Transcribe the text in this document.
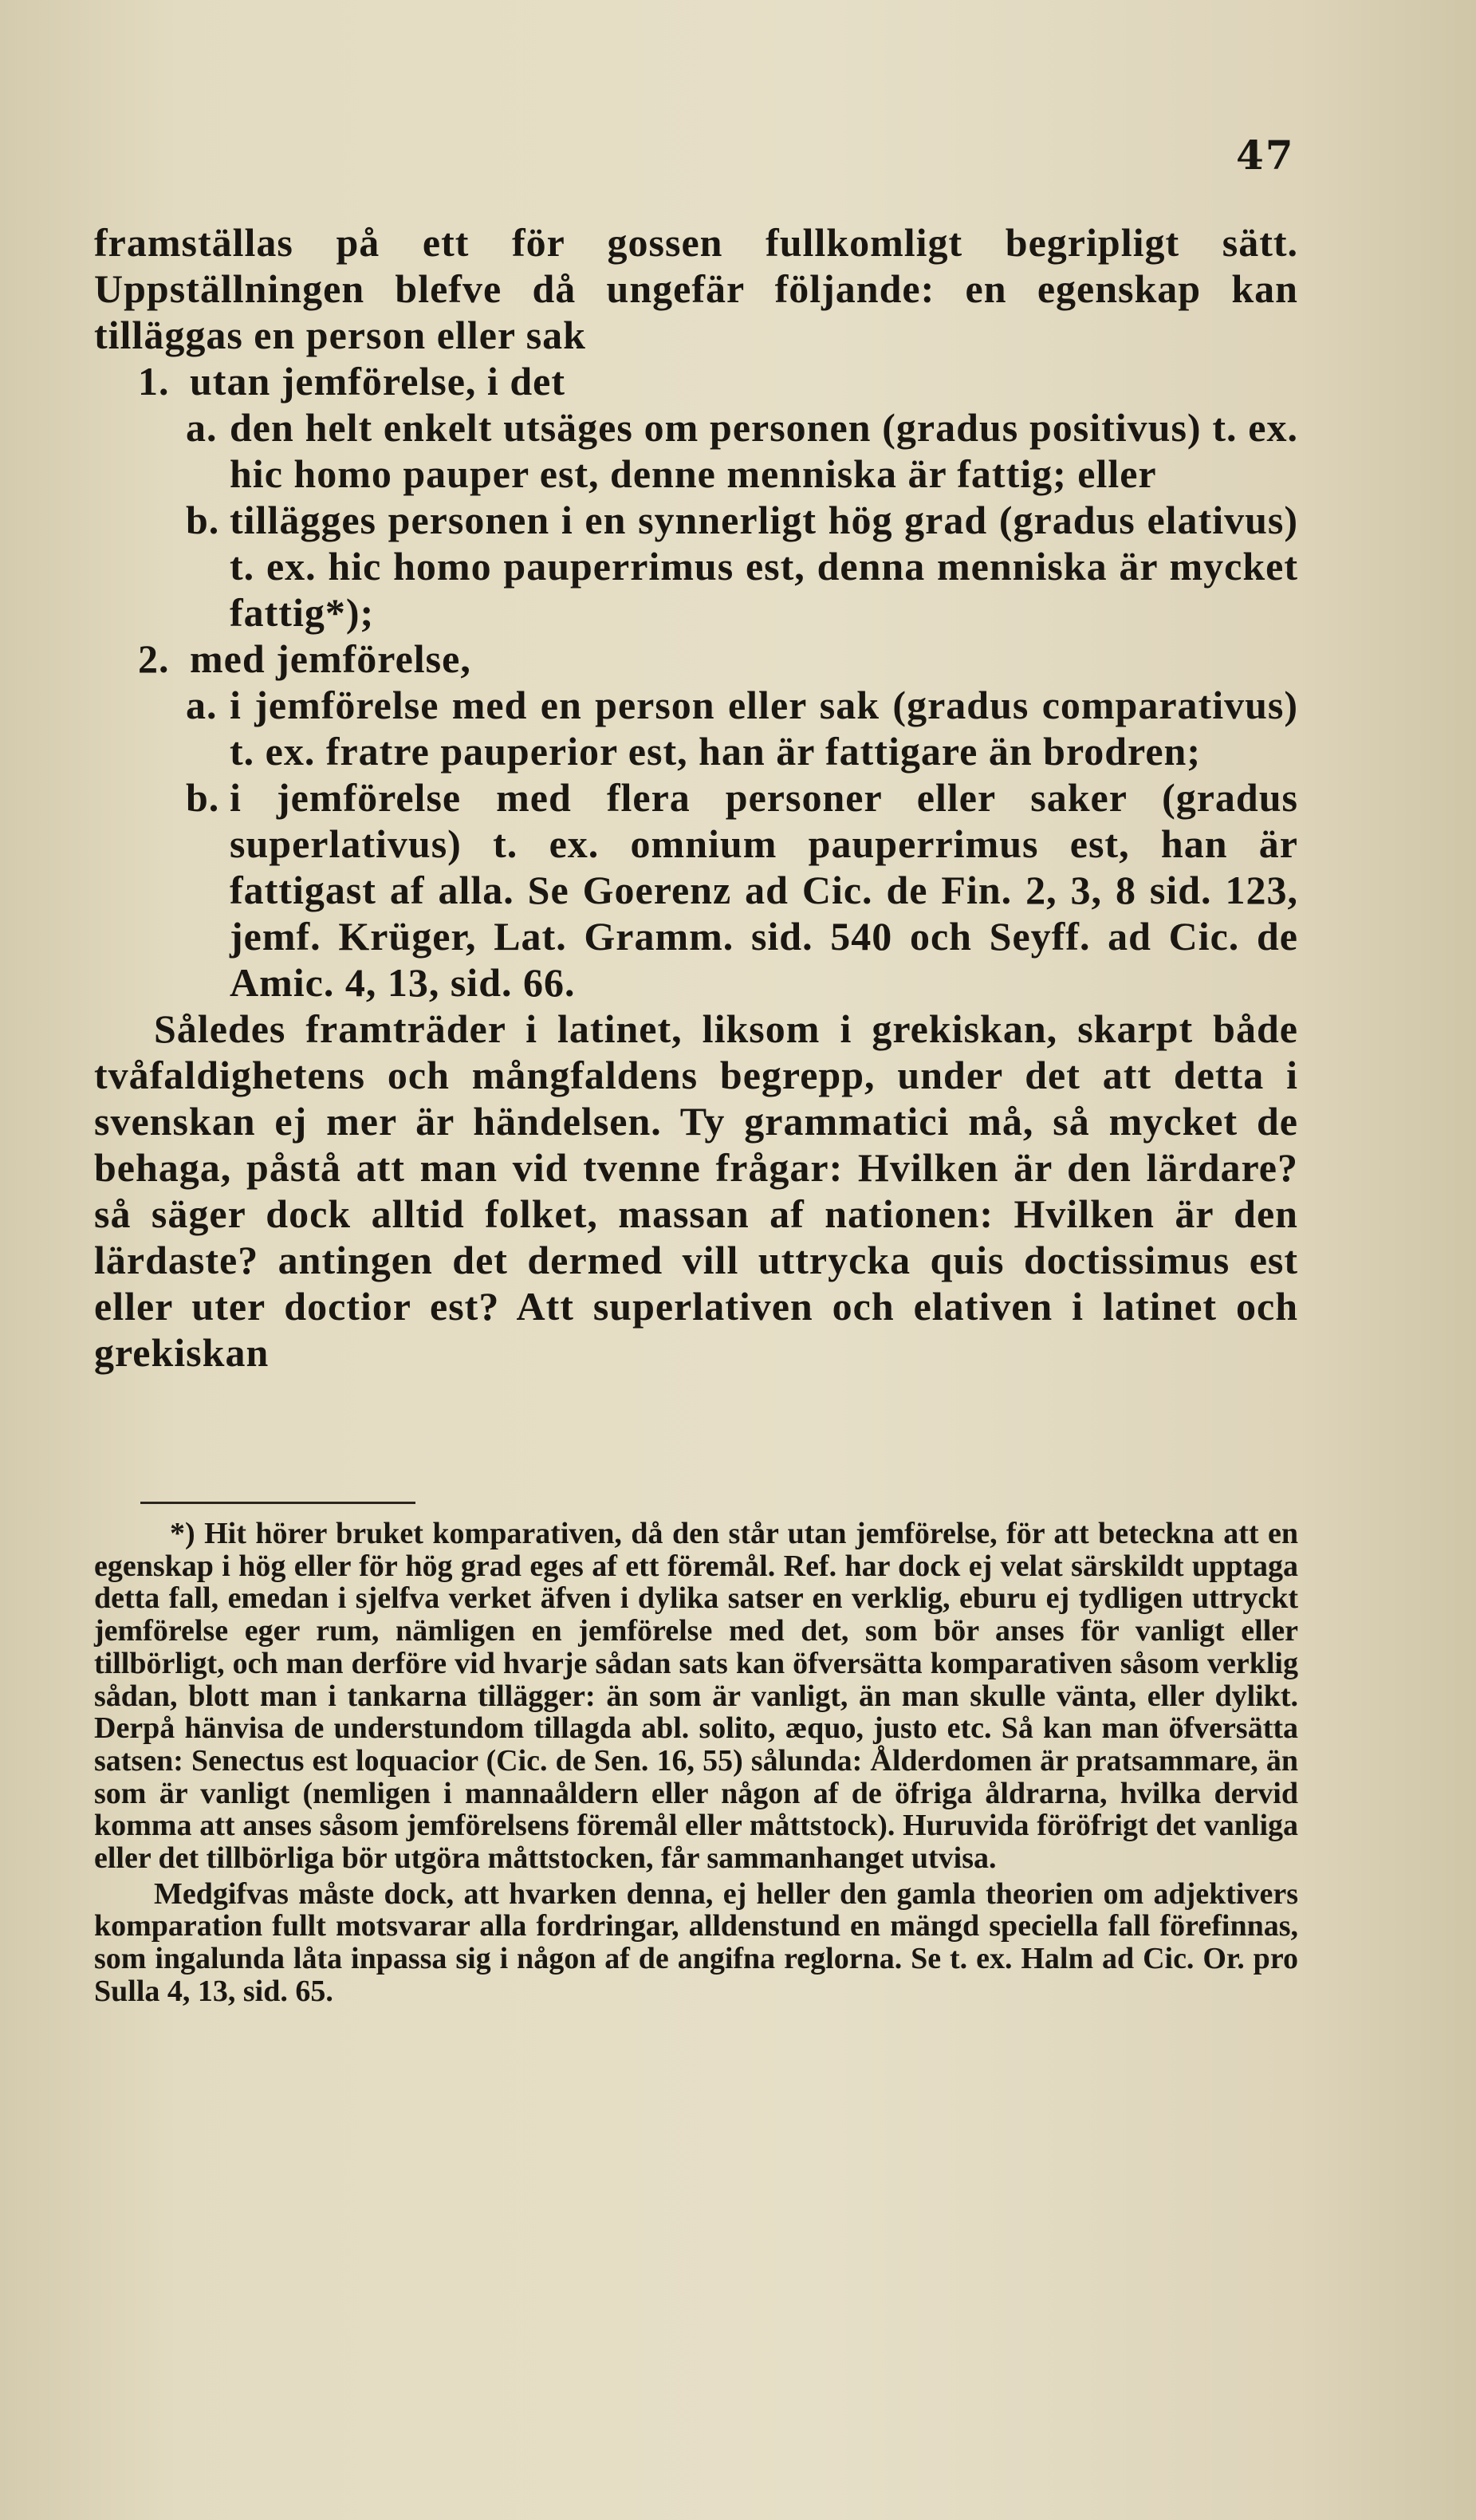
47

framställas på ett för gossen fullkomligt begripligt sätt. Uppställningen blefve då ungefär följande: en egenskap kan tilläggas en person eller sak

1. utan jemförelse, i det
a. den helt enkelt utsäges om personen (gradus positivus) t. ex. hic homo pauper est, denne menniska är fattig; eller
b. tillägges personen i en synnerligt hög grad (gradus elativus) t. ex. hic homo pauperrimus est, denna menniska är mycket fattig*);
2. med jemförelse,
a. i jemförelse med en person eller sak (gradus comparativus) t. ex. fratre pauperior est, han är fattigare än brodren;
b. i jemförelse med flera personer eller saker (gradus superlativus) t. ex. omnium pauperrimus est, han är fattigast af alla. Se Goerenz ad Cic. de Fin. 2, 3, 8 sid. 123, jemf. Krüger, Lat. Gramm. sid. 540 och Seyff. ad Cic. de Amic. 4, 13, sid. 66.

Således framträder i latinet, liksom i grekiskan, skarpt både tvåfaldighetens och mångfaldens begrepp, under det att detta i svenskan ej mer är händelsen. Ty grammatici må, så mycket de behaga, påstå att man vid tvenne frågar: Hvilken är den lärdare? så säger dock alltid folket, massan af nationen: Hvilken är den lärdaste? antingen det dermed vill uttrycka quis doctissimus est eller uter doctior est? Att superlativen och elativen i latinet och grekiskan

*) Hit hörer bruket komparativen, då den står utan jemförelse, för att beteckna att en egenskap i hög eller för hög grad eges af ett föremål. Ref. har dock ej velat särskildt upptaga detta fall, emedan i sjelfva verket äfven i dylika satser en verklig, eburu ej tydligen uttryckt jemförelse eger rum, nämligen en jemförelse med det, som bör anses för vanligt eller tillbörligt, och man derföre vid hvarje sådan sats kan öfversätta komparativen såsom verklig sådan, blott man i tankarna tillägger: än som är vanligt, än man skulle vänta, eller dylikt. Derpå hänvisa de understundom tillagda abl. solito, æquo, justo etc. Så kan man öfversätta satsen: Senectus est loquacior (Cic. de Sen. 16, 55) sålunda: Ålderdomen är pratsammare, än som är vanligt (nemligen i mannaåldern eller någon af de öfriga åldrarna, hvilka dervid komma att anses såsom jemförelsens föremål eller måttstock). Huruvida föröfrigt det vanliga eller det tillbörliga bör utgöra måttstocken, får sammanhanget utvisa.

Medgifvas måste dock, att hvarken denna, ej heller den gamla theorien om adjektivers komparation fullt motsvarar alla fordringar, alldenstund en mängd speciella fall förefinnas, som ingalunda låta inpassa sig i någon af de angifna reglorna. Se t. ex. Halm ad Cic. Or. pro Sulla 4, 13, sid. 65.
